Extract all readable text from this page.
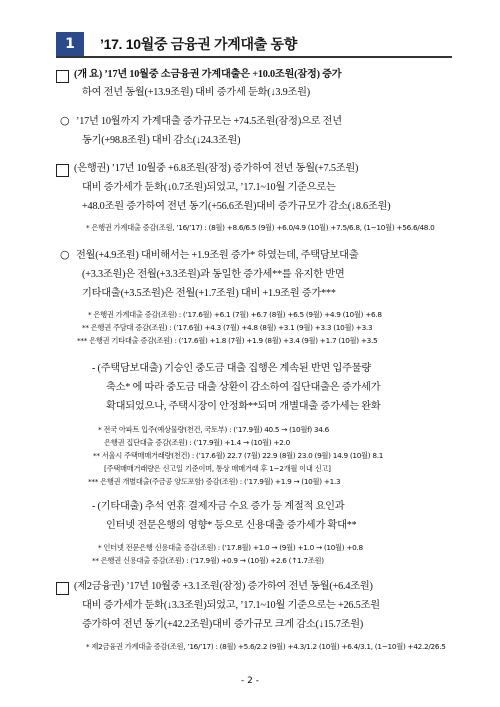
1	’17. 10월중 금융권 가계대출 동향
(개 요) ’17년 10월중 소금융권 가계대출은 +10.0조원(잠정) 증가
하여 전년 동월(+13.9조원) 대비 증가세 둔화(↓3.9조원)
○ ’17년 10월까지 가계대출 증가규모는 +74.5조원(잠정)으로 전년
동기(+98.8조원) 대비 감소(↓24.3조원)
(은행권) ’17년 10월중 +6.8조원(잠정) 증가하여 전년 동월(+7.5조원)
대비 증가세가 둔화(↓0.7조원)되었고, ’17.1~10월 기준으로는
+48.0조원 증가하여 전년 동기(+56.6조원)대비 증가규모가 감소(↓8.6조원)
* 은행권 가계대출 증감(조원, ’16/’17) : (8월) +8.6/6.5 (9월) +6.0/4.9 (10월) +7.5/6.8, (1~10월) +56.6/48.0
○ 전월(+4.9조원) 대비해서는 +1.9조원 증가* 하였는데, 주택담보대출
(+3.3조원)은 전월(+3.3조원)과 동일한 증가세**를 유지한 반면
기타대출(+3.5조원)은 전월(+1.7조원) 대비 +1.9조원 증가***
* 은행권 가계대출 증감(조원) : (’17.6월) +6.1 (7월) +6.7 (8월) +6.5 (9월) +4.9 (10월) +6.8
** 은행권 주담대 증감(조원) : (’17.6월) +4.3 (7월) +4.8 (8월) +3.1 (9월) +3.3 (10월) +3.3
*** 은행권 기타대출 증감(조원) : (’17.6월) +1.8 (7월) +1.9 (8월) +3.4 (9월) +1.7 (10월) +3.5
- (주택담보대출) 기승인 중도금 대출 집행은 계속된 반면 입주물량
축소* 에 따라 중도금 대출 상환이 감소하여 집단대출은 증가세가
확대되었으나, 주택시장이 안정화**되며 개별대출 증가세는 완화
* 전국 아파트 입주(예상물량(천건, 국토부) : (’17.9월) 40.5 → (10월f) 34.6
은행권 집단대출 증감(조원) : (’17.9월) +1.4 → (10월) +2.0
** 서울시 주택매매거래량(천건) : (’17.6월) 22.7 (7월) 22.9 (8월) 23.0 (9월) 14.9 (10월) 8.1
[주택매매거래량은 신고일 기준이며, 통상 매매거래 후 1~2개월 이내 신고]
*** 은행권 개별대출(주금공 양도포함) 증감(조원) : (’17.9월) +1.9 → (10월) +1.3
- (기타대출) 추석 연휴 결제자금 수요 증가 등 계절적 요인과
인터넷 전문은행의 영향* 등으로 신용대출 증가세가 확대**
* 인터넷 전문은행 신용대출 증감(조원) : (’17.8월) +1.0 → (9월) +1.0 → (10월) +0.8
** 은행권 신용대출 증감(조원) : (’17.9월) +0.9 → (10월) +2.6 (↑1.7조원)
(제2금융권) ’17년 10월중 +3.1조원(잠정) 증가하여 전년 동월(+6.4조원)
대비 증가세가 둔화(↓3.3조원)되었고, ’17.1~10월 기준으로는 +26.5조원
증가하여 전년 동기(+42.2조원)대비 증가규모 크게 감소(↓15.7조원)
* 제2금융권 가계대출 증감(조원, ’16/’17) : (8월) +5.6/2.2 (9월) +4.3/1.2 (10월) +6.4/3.1, (1~10월) +42.2/26.5
- 2 -
